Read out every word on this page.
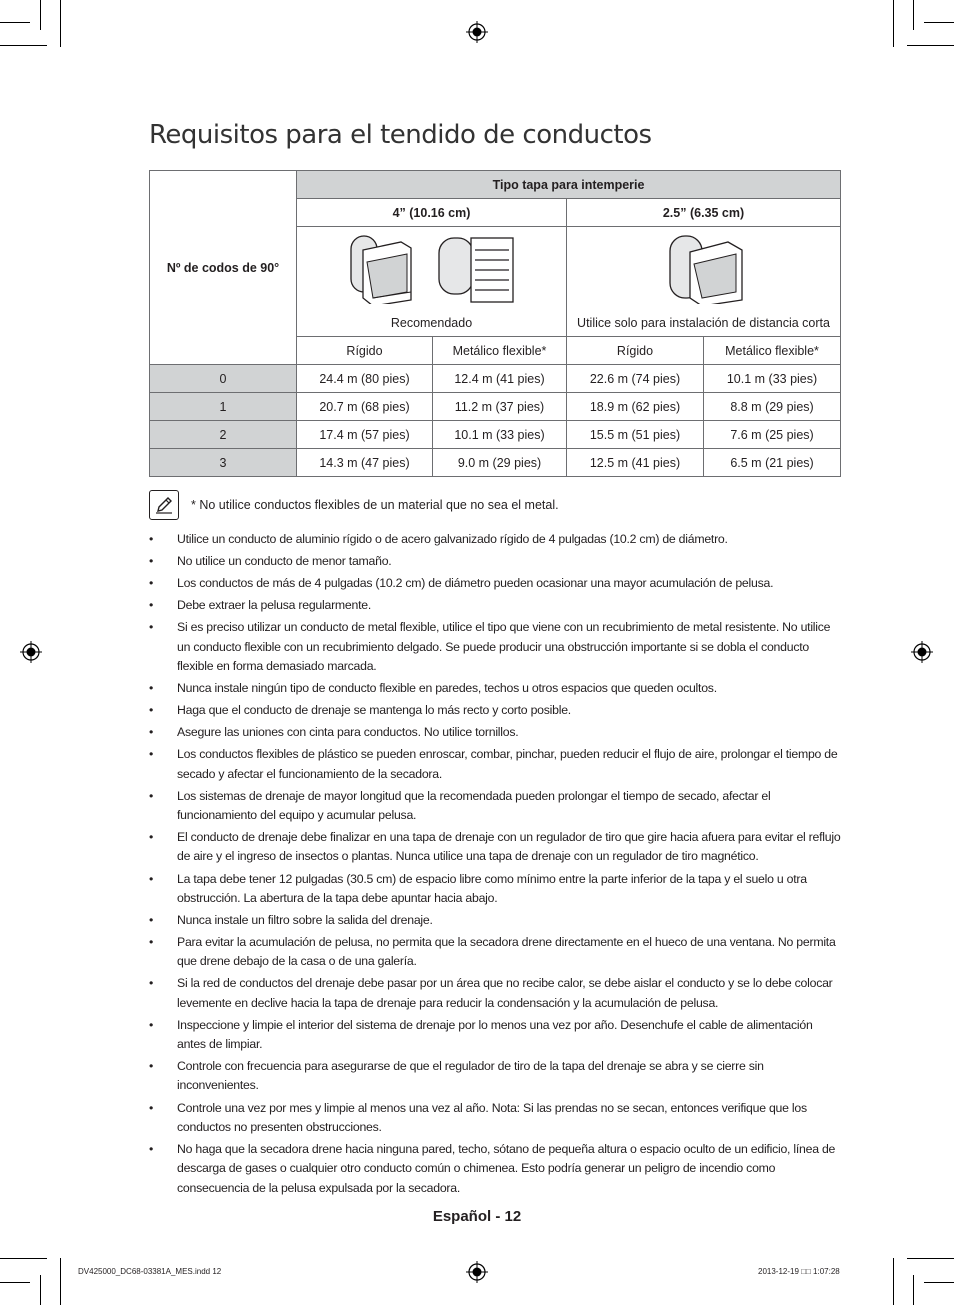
Requisitos para el tendido de conductos
Nº de codos de 90°	Tipo tapa para intemperie			
	4” (10.16 cm)		2.5” (6.35 cm)	

	Recomendado		Utilice solo para instalación de distancia corta	

	Rígido	Metálico flexible*	Rígido	Metálico flexible*
0	24.4 m (80 pies)	12.4 m (41 pies)	22.6 m (74 pies)	10.1 m (33 pies)
1	20.7 m (68 pies)	11.2 m (37 pies)	18.9 m (62 pies)	8.8 m (29 pies)
2	17.4 m (57 pies)	10.1 m (33 pies)	15.5 m (51 pies)	7.6 m (25 pies)
3	14.3 m (47 pies)	9.0 m (29 pies)	12.5 m (41 pies)	6.5 m (21 pies)
* No utilice conductos flexibles de un material que no sea el metal.
• Utilice un conducto de aluminio rígido o de acero galvanizado rígido de 4 pulgadas (10.2 cm) de diámetro.
• No utilice un conducto de menor tamaño.
• Los conductos de más de 4 pulgadas (10.2 cm) de diámetro pueden ocasionar una mayor acumulación de pelusa.
• Debe extraer la pelusa regularmente.
• Si es preciso utilizar un conducto de metal flexible, utilice el tipo que viene con un recubrimiento de metal resistente. No utilice un conducto flexible con un recubrimiento delgado. Se puede producir una obstrucción importante si se dobla el conducto flexible en forma demasiado marcada.
• Nunca instale ningún tipo de conducto flexible en paredes, techos u otros espacios que queden ocultos.
• Haga que el conducto de drenaje se mantenga lo más recto y corto posible.
• Asegure las uniones con cinta para conductos. No utilice tornillos.
• Los conductos flexibles de plástico se pueden enroscar, combar, pinchar, pueden reducir el flujo de aire, prolongar el tiempo de secado y afectar el funcionamiento de la secadora.
• Los sistemas de drenaje de mayor longitud que la recomendada pueden prolongar el tiempo de secado, afectar el funcionamiento del equipo y acumular pelusa.
• El conducto de drenaje debe finalizar en una tapa de drenaje con un regulador de tiro que gire hacia afuera para evitar el reflujo de aire y el ingreso de insectos o plantas. Nunca utilice una tapa de drenaje con un regulador de tiro magnético.
• La tapa debe tener 12 pulgadas (30.5 cm) de espacio libre como mínimo entre la parte inferior de la tapa y el suelo u otra obstrucción. La abertura de la tapa debe apuntar hacia abajo.
• Nunca instale un filtro sobre la salida del drenaje.
• Para evitar la acumulación de pelusa, no permita que la secadora drene directamente en el hueco de una ventana. No permita que drene debajo de la casa o de una galería.
• Si la red de conductos del drenaje debe pasar por un área que no recibe calor, se debe aislar el conducto y se lo debe colocar levemente en declive hacia la tapa de drenaje para reducir la condensación y la acumulación de pelusa.
• Inspeccione y limpie el interior del sistema de drenaje por lo menos una vez por año. Desenchufe el cable de alimentación antes de limpiar.
• Controle con frecuencia para asegurarse de que el regulador de tiro de la tapa del drenaje se abra y se cierre sin inconvenientes.
• Controle una vez por mes y limpie al menos una vez al año. Nota: Si las prendas no se secan, entonces verifique que los conductos no presenten obstrucciones.
• No haga que la secadora drene hacia ninguna pared, techo, sótano de pequeña altura o espacio oculto de un edificio, línea de descarga de gases o cualquier otro conducto común o chimenea. Esto podría generar un peligro de incendio como consecuencia de la pelusa expulsada por la secadora.
Español - 12
DV425000_DC68-03381A_MES.indd 12	2013-12-19 □□ 1:07:28
